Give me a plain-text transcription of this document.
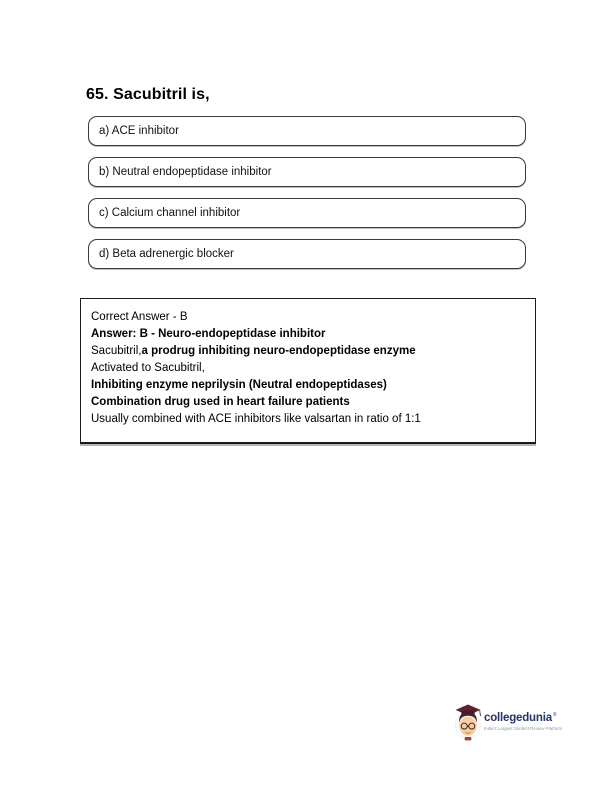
65. Sacubitril is,
a) ACE inhibitor
b) Neutral endopeptidase inhibitor
c) Calcium channel inhibitor
d) Beta adrenergic blocker

Correct Answer - B

Answer: B - Neuro-endopeptidase inhibitor

Sacubitril,a prodrug inhibiting neuro-endopeptidase enzyme

Activated to Sacubitril,

Inhibiting enzyme neprilysin (Neutral endopeptidases)

Combination drug used in heart failure patients

Usually combined with ACE inhibitors like valsartan in ratio of 1:1

collegedunia®
India's Largest Student Review Platform
